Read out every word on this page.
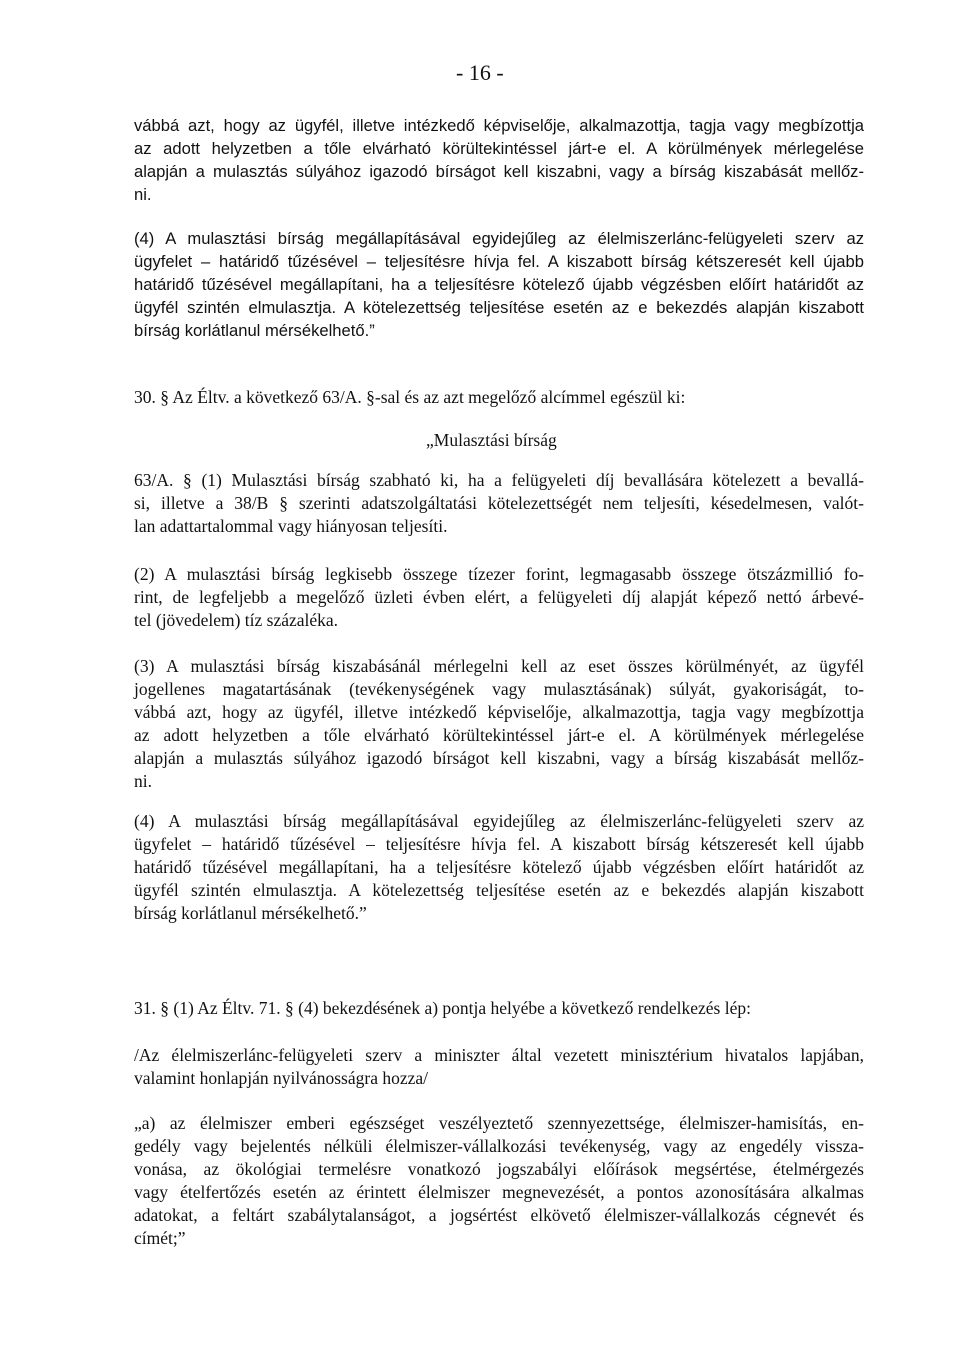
- 16 -
vábbá azt, hogy az ügyfél, illetve intézkedő képviselője, alkalmazottja, tagja vagy megbízottja
az adott helyzetben a tőle elvárható körültekintéssel járt-e el. A körülmények mérlegelése
alapján a mulasztás súlyához igazodó bírságot kell kiszabni, vagy a bírság kiszabását mellőz-
ni.
(4) A mulasztási bírság megállapításával egyidejűleg az élelmiszerlánc-felügyeleti szerv az
ügyfelet – határidő tűzésével – teljesítésre hívja fel. A kiszabott bírság kétszeresét kell újabb
határidő tűzésével megállapítani, ha a teljesítésre kötelező újabb végzésben előírt határidőt az
ügyfél szintén elmulasztja. A kötelezettség teljesítése esetén az e bekezdés alapján kiszabott
bírság korlátlanul mérsékelhető.”
30. § Az Éltv. a következő 63/A. §-sal és az azt megelőző alcímmel egészül ki:
„Mulasztási bírság
63/A. § (1) Mulasztási bírság szabható ki, ha a felügyeleti díj bevallására kötelezett a bevallá-
si, illetve a 38/B § szerinti adatszolgáltatási kötelezettségét nem teljesíti, késedelmesen, valót-
lan adattartalommal vagy hiányosan teljesíti.
(2) A mulasztási bírság legkisebb összege tízezer forint, legmagasabb összege ötszázmillió fo-
rint, de legfeljebb a megelőző üzleti évben elért, a felügyeleti díj alapját képező nettó árbevé-
tel (jövedelem) tíz százaléka.
(3) A mulasztási bírság kiszabásánál mérlegelni kell az eset összes körülményét, az ügyfél
jogellenes magatartásának (tevékenységének vagy mulasztásának) súlyát, gyakoriságát, to-
vábbá azt, hogy az ügyfél, illetve intézkedő képviselője, alkalmazottja, tagja vagy megbízottja
az adott helyzetben a tőle elvárható körültekintéssel járt-e el. A körülmények mérlegelése
alapján a mulasztás súlyához igazodó bírságot kell kiszabni, vagy a bírság kiszabását mellőz-
ni.
(4) A mulasztási bírság megállapításával egyidejűleg az élelmiszerlánc-felügyeleti szerv az
ügyfelet – határidő tűzésével – teljesítésre hívja fel. A kiszabott bírság kétszeresét kell újabb
határidő tűzésével megállapítani, ha a teljesítésre kötelező újabb végzésben előírt határidőt az
ügyfél szintén elmulasztja. A kötelezettség teljesítése esetén az e bekezdés alapján kiszabott
bírság korlátlanul mérsékelhető.”
31. § (1) Az Éltv. 71. § (4) bekezdésének a) pontja helyébe a következő rendelkezés lép:
/Az élelmiszerlánc-felügyeleti szerv a miniszter által vezetett minisztérium hivatalos lapjában,
valamint honlapján nyilvánosságra hozza/
„a) az élelmiszer emberi egészséget veszélyeztető szennyezettsége, élelmiszer-hamisítás, en-
gedély vagy bejelentés nélküli élelmiszer-vállalkozási tevékenység, vagy az engedély vissza-
vonása, az ökológiai termelésre vonatkozó jogszabályi előírások megsértése, ételmérgezés
vagy ételfertőzés esetén az érintett élelmiszer megnevezését, a pontos azonosítására alkalmas
adatokat, a feltárt szabálytalanságot, a jogsértést elkövető élelmiszer-vállalkozás cégnevét és
címét;”
